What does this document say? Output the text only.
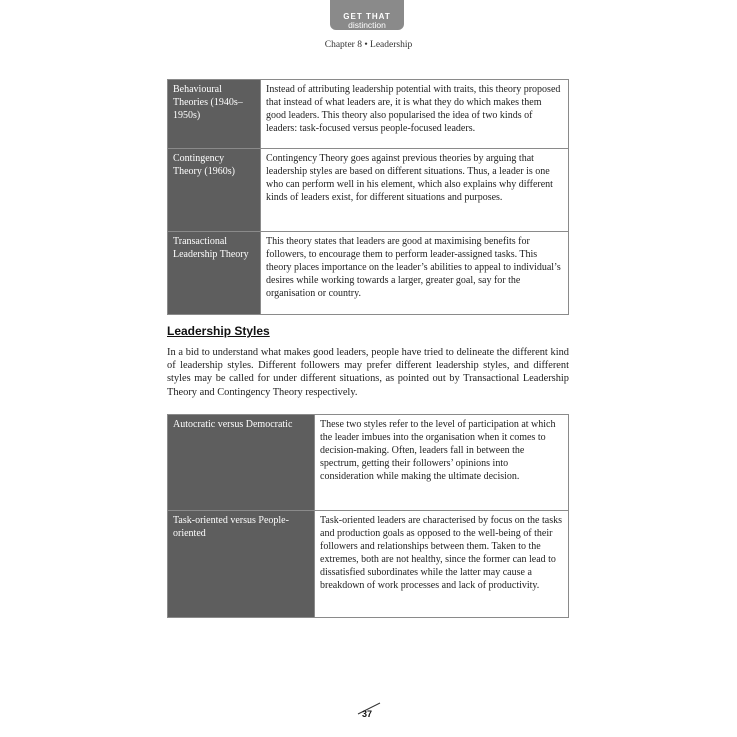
GET THAT
distinction
Chapter 8 • Leadership
Behavioural Theories (1940s–1950s)	Instead of attributing leadership potential with traits, this theory proposed that instead of what leaders are, it is what they do which makes them good leaders. This theory also popularised the idea of two kinds of leaders: task-focused versus people-focused leaders.
Contingency Theory (1960s)	Contingency Theory goes against previous theories by arguing that leadership styles are based on different situations. Thus, a leader is one who can perform well in his element, which also explains why different kinds of leaders exist, for different situations and purposes.
Transactional Leadership Theory	This theory states that leaders are good at maximising benefits for followers, to encourage them to perform leader-assigned tasks. This theory places importance on the leader’s abilities to appeal to individual’s desires while working towards a larger, greater goal, say for the organisation or country.
Leadership Styles
In a bid to understand what makes good leaders, people have tried to delineate the different kind of leadership styles. Different followers may prefer different leadership styles, and different styles may be called for under different situations, as pointed out by Transactional Leadership Theory and Contingency Theory respectively.
Autocratic versus Democratic	These two styles refer to the level of participation at which the leader imbues into the organisation when it comes to decision-making. Often, leaders fall in between the spectrum, getting their followers’ opinions into consideration while making the ultimate decision.
Task-oriented versus People-oriented	Task-oriented leaders are characterised by focus on the tasks and production goals as opposed to the well-being of their followers and relationships between them. Taken to the extremes, both are not healthy, since the former can lead to dissatisfied subordinates while the latter may cause a breakdown of work processes and lack of productivity.
37
